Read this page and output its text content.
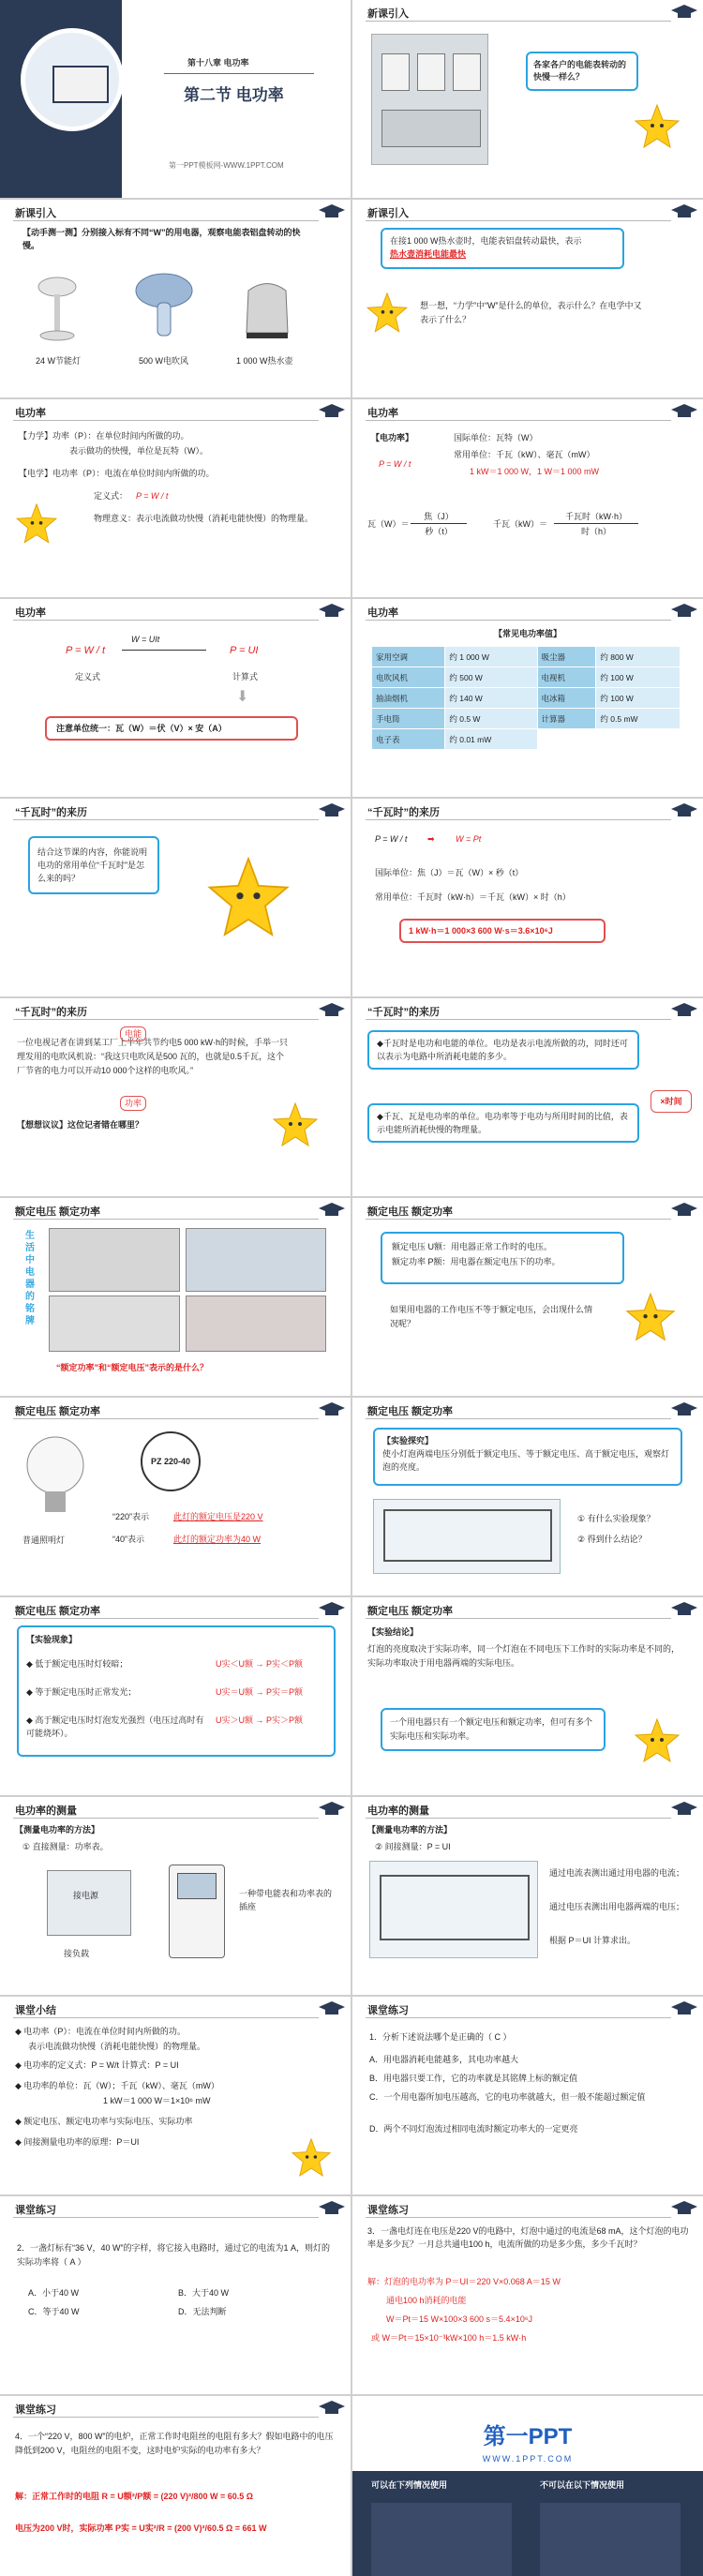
第十八章 电功率
第二节 电功率
第一PPT模板网-WWW.1PPT.COM
新课引入
各家各户的电能表转动的快慢一样么？
新课引入
【动手测一测】分别接入标有不同“W”的用电器，观察电能表铝盘转动的快慢。
24 W节能灯	500 W电吹风	1 000 W热水壶
新课引入
在接1 000 W热水壶时，电能表铝盘转动最快，表示
热水壶消耗电能最快
想一想，“力学”中“W”是什么的单位，表示什么？在电学中又表示了什么？
电功率
【力学】功率（P）：在单位时间内所做的功。
表示做功的快慢，单位是瓦特（W）。
【电学】电功率（P）：电流在单位时间内所做的功。
定义式： P = W / t
物理意义：表示电流做功快慢（消耗电能快慢）的物理量。
电功率
【电功率】
P = W / t
国际单位：瓦特（W）
常用单位：千瓦（kW）、毫瓦（mW）
1 kW＝1 000 W，1 W＝1 000 mW
瓦（W）＝
焦（J）
秒（t）
千瓦（kW）＝
千瓦时（kW·h）
时（h）
电功率
P = W / t
W = UIt
P = UI
定义式	计算式
⬇
注意单位统一：瓦（W）＝伏（V）× 安（A）
电功率
【常见电功率值】
家用空调	约 1 000 W	吸尘器	约 800 W
电吹风机	约 500 W	电视机	约 100 W
抽油烟机	约 140 W	电冰箱	约 100 W
手电筒	约 0.5 W	计算器	约 0.5 mW
电子表	约 0.01 mW		
“千瓦时”的来历
结合这节课的内容，你能说明电功的常用单位“千瓦时”是怎么来的吗？
“千瓦时”的来历
P = W / t ➡ W = Pt
国际单位：焦（J）＝瓦（W）× 秒（t）
常用单位：千瓦时（kW·h）＝千瓦（kW）× 时（h）
1 kW·h＝1 000×3 600 W·s＝3.6×10⁶J
“千瓦时”的来历
一位电视记者在讲到某工厂上半年共节约电5 000 kW·h的时候，手举一只理发用的电吹风机说：“我这只电吹风是500 瓦的，也就是0.5千瓦，这个厂节省的电力可以开动10 000个这样的电吹风。”
电能
功率
【想想议议】这位记者错在哪里？
“千瓦时”的来历
◆千瓦时是电功和电能的单位。电功是表示电流所做的功，同时还可以表示为电路中所消耗电能的多少。
◆千瓦、瓦是电功率的单位。电功率等于电功与所用时间的比值，表示电能所消耗快慢的物理量。
×时间
额定电压 额定功率
生活中电器的铭牌
“额定功率”和“额定电压”表示的是什么？
额定电压 额定功率
额定电压 U额：用电器正常工作时的电压。
额定功率 P额：用电器在额定电压下的功率。
如果用电器的工作电压不等于额定电压，会出现什么情况呢？
额定电压 额定功率
普通照明灯
PZ 220-40
“220”表示	此灯的额定电压是220 V
“40”表示	此灯的额定功率为40 W
额定电压 额定功率
【实验探究】
使小灯泡两端电压分别低于额定电压、等于额定电压、高于额定电压，观察灯泡的亮度。
① 有什么实验现象？
② 得到什么结论？
额定电压 额定功率
【实验现象】
◆ 低于额定电压时灯较暗；	U实＜U额 → P实＜P额
◆ 等于额定电压时正常发光；	U实＝U额 → P实＝P额
◆ 高于额定电压时灯泡发光强烈（电压过高时有可能烧坏）。
U实＞U额 → P实＞P额
额定电压 额定功率
【实验结论】
灯泡的亮度取决于实际功率，同一个灯泡在不同电压下工作时的实际功率是不同的，实际功率取决于用电器两端的实际电压。
一个用电器只有一个额定电压和额定功率，但可有多个实际电压和实际功率。
电功率的测量
【测量电功率的方法】
① 直接测量：功率表。
接电源
接负载
一种带电能表和功率表的插座
电功率的测量
【测量电功率的方法】
② 间接测量：P = UI
通过电流表测出通过用电器的电流；
通过电压表测出用电器两端的电压；
根据 P＝UI 计算求出。
课堂小结
◆ 电功率（P）：电流在单位时间内所做的功。
表示电流做功快慢（消耗电能快慢）的物理量。
◆ 电功率的定义式：P = W/t 计算式：P = UI
◆ 电功率的单位：瓦（W）；千瓦（kW）、毫瓦（mW）
1 kW＝1 000 W＝1×10⁶ mW
◆ 额定电压、额定电功率与实际电压、实际功率
◆ 间接测量电功率的原理：P＝UI
课堂练习
1．分析下述说法哪个是正确的（ C ）
A．用电器消耗电能越多，其电功率越大
B．用电器只要工作，它的功率就是其铭牌上标的额定值
C．一个用电器所加电压越高，它的电功率就越大，但一般不能超过额定值
D．两个不同灯泡流过相同电流时额定功率大的一定更亮
课堂练习
2．一盏灯标有“36 V，40 W”的字样，将它接入电路时，通过它的电流为1 A，则灯的实际功率将（ A ）
A．小于40 W	B．大于40 W
C．等于40 W	D．无法判断
课堂练习
3．一盏电灯连在电压是220 V的电路中，灯泡中通过的电流是68 mA，这个灯泡的电功率是多少瓦？一月总共通电100 h，电流所做的功是多少焦，多少千瓦时？
解：灯泡的电功率为 P＝UI＝220 V×0.068 A＝15 W
通电100 h消耗的电能
W＝Pt＝15 W×100×3 600 s＝5.4×10⁶J
或 W＝Pt＝15×10⁻³kW×100 h＝1.5 kW·h
课堂练习
4．一个“220 V，800 W”的电炉，正常工作时电阻丝的电阻有多大？假如电路中的电压降低到200 V，电阻丝的电阻不变，这时电炉实际的电功率有多大？
解：正常工作时的电阻 R = U额²/P额 = (220 V)²/800 W = 60.5 Ω
电压为200 V时，实际功率 P实 = U实²/R = (200 V)²/60.5 Ω = 661 W
第一PPT
WWW.1PPT.COM
可以在下列情况使用	不可以在以下情况使用
